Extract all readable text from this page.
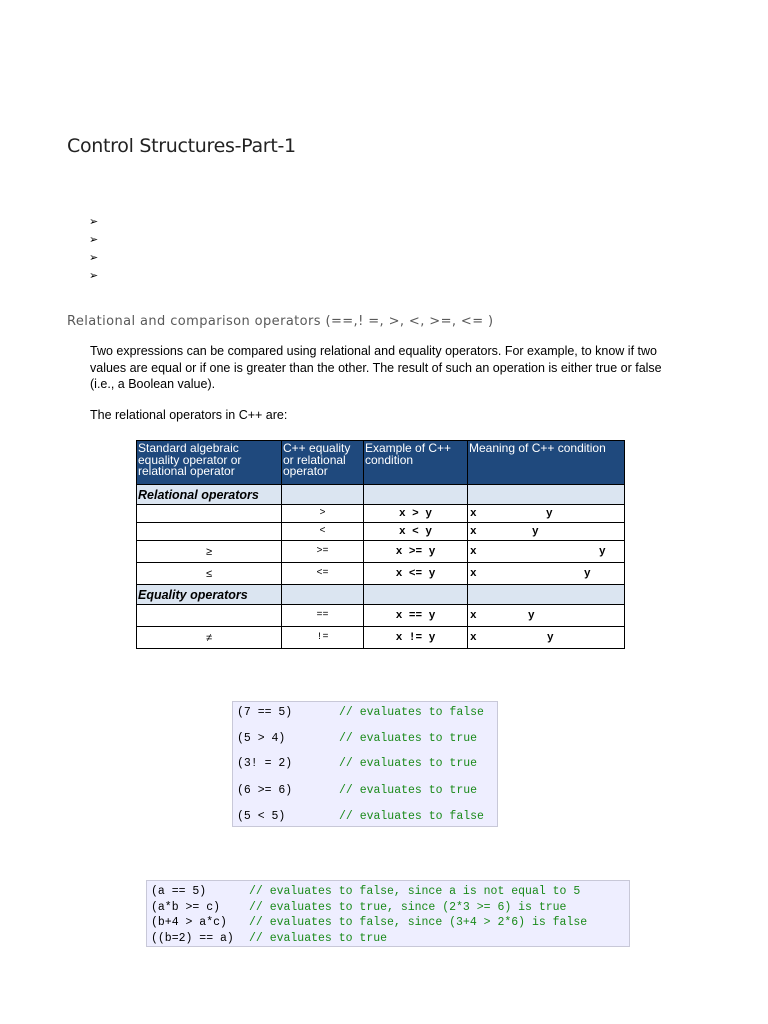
Control Structures-Part-1
➢
➢
➢
➢
Relational and comparison operators (==,! =, >, <, >=, <= )

Two expressions can be compared using relational and equality operators. For example, to know if two values are equal or if one is greater than the other. The result of such an operation is either true or false (i.e., a Boolean value).

The relational operators in C++ are:

Standard algebraic equality operator or relational operator	C++ equality or relational operator	Example of C++ condition	Meaning of C++ condition
Relational operators			
	>	x > y	x y

	<	x < y	x y

≥	>=	x >= y	x y

≤	<=	x <= y	x y

Equality operators			
	==	x == y	x y

≠	!=	x != y	x y
(7 == 5)	// evaluates to false
(5 > 4)	// evaluates to true
(3! = 2)	// evaluates to true
(6 >= 6)	// evaluates to true
(5 < 5)	// evaluates to false
(a == 5)	// evaluates to false, since a is not equal to 5
(a*b >= c)	// evaluates to true, since (2*3 >= 6) is true
(b+4 > a*c) // evaluates to false, since (3+4 > 2*6) is false
((b=2) == a) // evaluates to true
